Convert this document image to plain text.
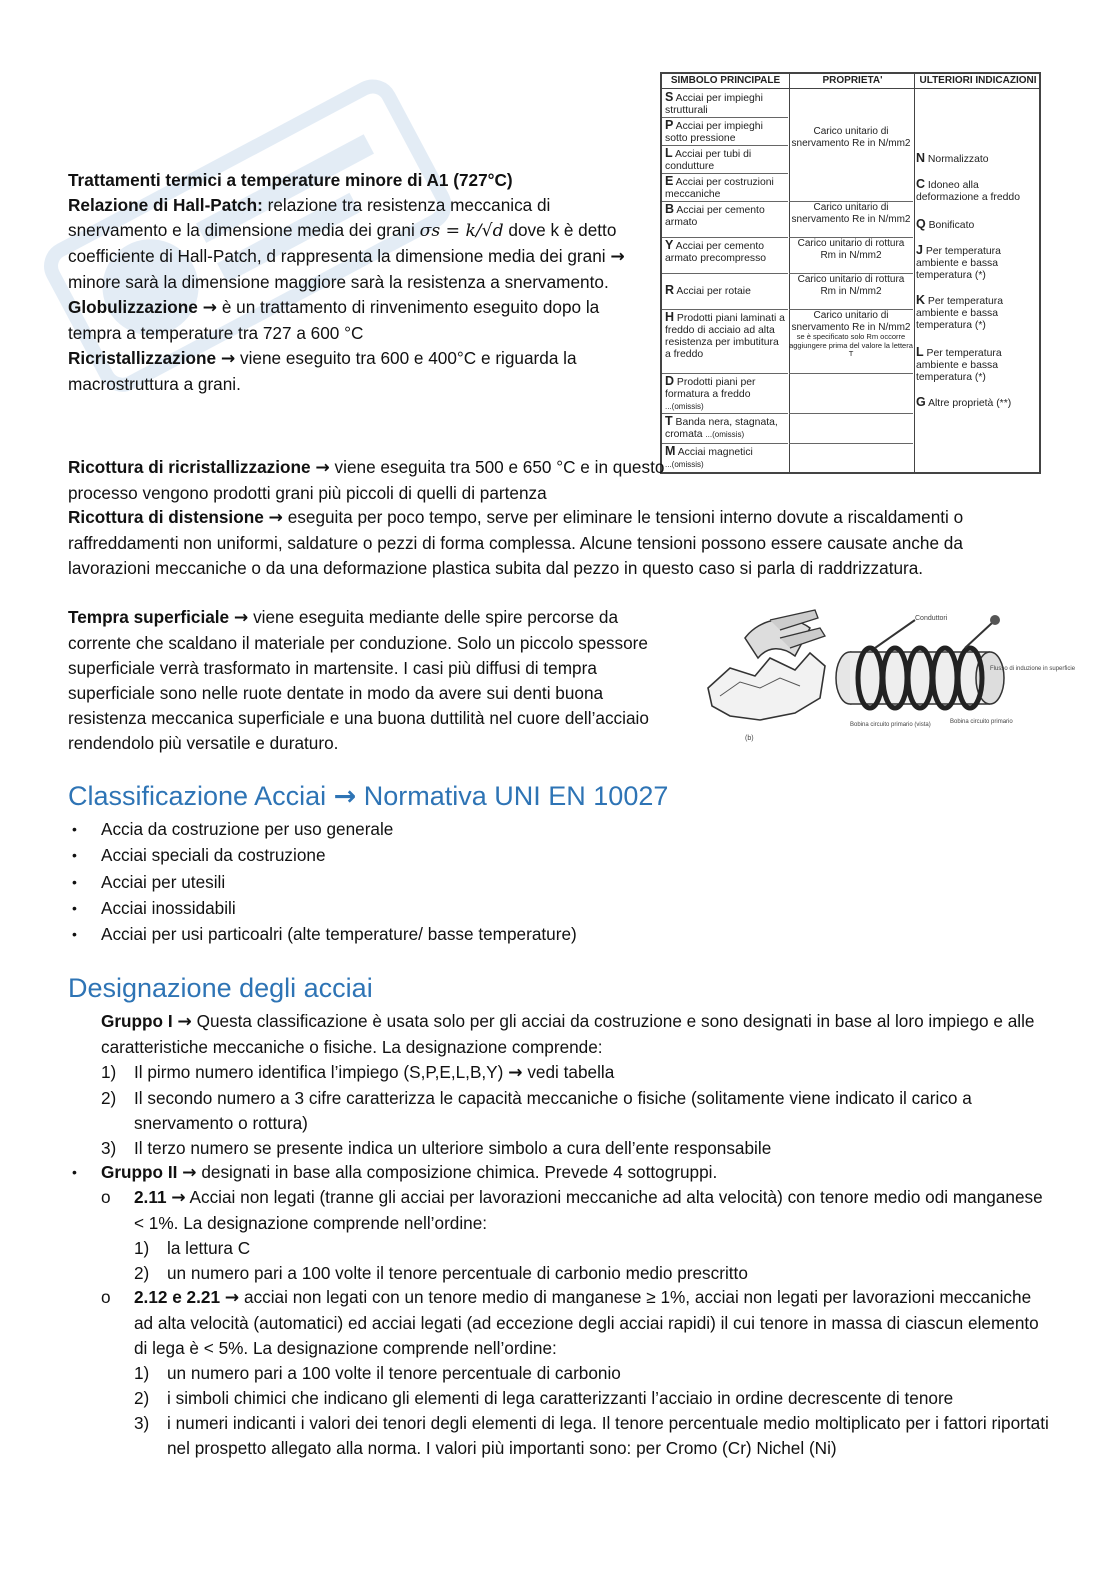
SIMBOLO PRINCIPALE	PROPRIETA'	ULTERIORI INDICAZIONI
S Acciai per impieghi strutturali
P Acciai per impieghi sotto pressione
L Acciai per tubi di condutture
E Acciai per costruzioni meccaniche
B Acciai per cemento armato
Y Acciai per cemento armato precompresso
R Acciai per rotaie
H Prodotti piani laminati a freddo di acciaio ad alta resistenza per imbutitura a freddo
D Prodotti piani per formatura a freddo
...(omissis)
T Banda nera, stagnata, cromata ...(omissis)
M Acciai magnetici
...(omissis)
Carico unitario di snervamento Re in N/mm2
Carico unitario di snervamento Re in N/mm2
Carico unitario di rottura Rm in N/mm2
Carico unitario di rottura Rm in N/mm2
Carico unitario di snervamento Re in N/mm2
se è specificato solo Rm occorre aggiungere prima del valore la lettera T
N Normalizzato
C Idoneo alla deformazione a freddo
Q Bonificato
J Per temperatura ambiente e bassa temperatura (*)
K Per temperatura ambiente e bassa temperatura (*)
L Per temperatura ambiente e bassa temperatura (*)
G Altre proprietà (**)

Trattamenti termici a temperature minore di A1 (727°C)

Relazione di Hall-Patch: relazione tra resistenza meccanica di snervamento e la dimensione media dei grani σs = k/√d dove k è detto coefficiente di Hall-Patch, d rappresenta la dimensione media dei grani → minore sarà la dimensione maggiore sarà la resistenza a snervamento.

Globulizzazione → è un trattamento di rinvenimento eseguito dopo la tempra a temperature tra 727 a 600 °C

Ricristallizzazione → viene eseguito tra 600 e 400°C e riguarda la macrostruttura a grani.

Ricottura di ricristallizzazione → viene eseguita tra 500 e 650 °C e in questo processo vengono prodotti grani più piccoli di quelli di partenza

Ricottura di distensione → eseguita per poco tempo, serve per eliminare le tensioni interno dovute a riscaldamenti o raffreddamenti non uniformi, saldature o pezzi di forma complessa. Alcune tensioni possono essere causate anche da lavorazioni meccaniche o da una deformazione plastica subita dal pezzo in questo caso si parla di raddrizzatura.

Tempra superficiale → viene eseguita mediante delle spire percorse da corrente che scaldano il materiale per conduzione. Solo un piccolo spessore superficiale verrà trasformato in martensite. I casi più diffusi di tempra superficiale sono nelle ruote dentate in modo da avere sui denti buona resistenza meccanica superficiale e una buona duttilità nel cuore dell’acciaio rendendolo più versatile e duraturo.

Conduttori
Flusso di induzione in superficie
Bobina circuito primario
Bobina circuito primario (vista)
(b)
Classificazione Acciai → Normativa UNI EN 10027
• Accia da costruzione per uso generale
• Acciai speciali da costruzione
• Acciai per utesili
• Acciai inossidabili
• Acciai per usi particoalri (alte temperature/ basse temperature)
Designazione degli acciai

Gruppo I → Questa classificazione è usata solo per gli acciai da costruzione e sono designati in base al loro impiego e alle caratteristiche meccaniche o fisiche. La designazione comprende:

1) Il pirmo numero identifica l’impiego (S,P,E,L,B,Y) → vedi tabella
2) Il secondo numero a 3 cifre caratterizza le capacità meccaniche o fisiche (solitamente viene indicato il carico a snervamento o rottura)
3) Il terzo numero se presente indica un ulteriore simbolo a cura dell’ente responsabile
• Gruppo II → designati in base alla composizione chimica. Prevede 4 sottogruppi.
o 2.11 → Acciai non legati (tranne gli acciai per lavorazioni meccaniche ad alta velocità) con tenore medio odi manganese < 1%. La designazione comprende nell’ordine:
1) la lettura C
2) un numero pari a 100 volte il tenore percentuale di carbonio medio prescritto
o 2.12 e 2.21 → acciai non legati con un tenore medio di manganese ≥ 1%, acciai non legati per lavorazioni meccaniche ad alta velocità (automatici) ed acciai legati (ad eccezione degli acciai rapidi) il cui tenore in massa di ciascun elemento di lega è < 5%. La designazione comprende nell’ordine:
1) un numero pari a 100 volte il tenore percentuale di carbonio
2) i simboli chimici che indicano gli elementi di lega caratterizzanti l’acciaio in ordine decrescente di tenore
3) i numeri indicanti i valori dei tenori degli elementi di lega. Il tenore percentuale medio moltiplicato per i fattori riportati nel prospetto allegato alla norma. I valori più importanti sono: per Cromo (Cr) Nichel (Ni)
